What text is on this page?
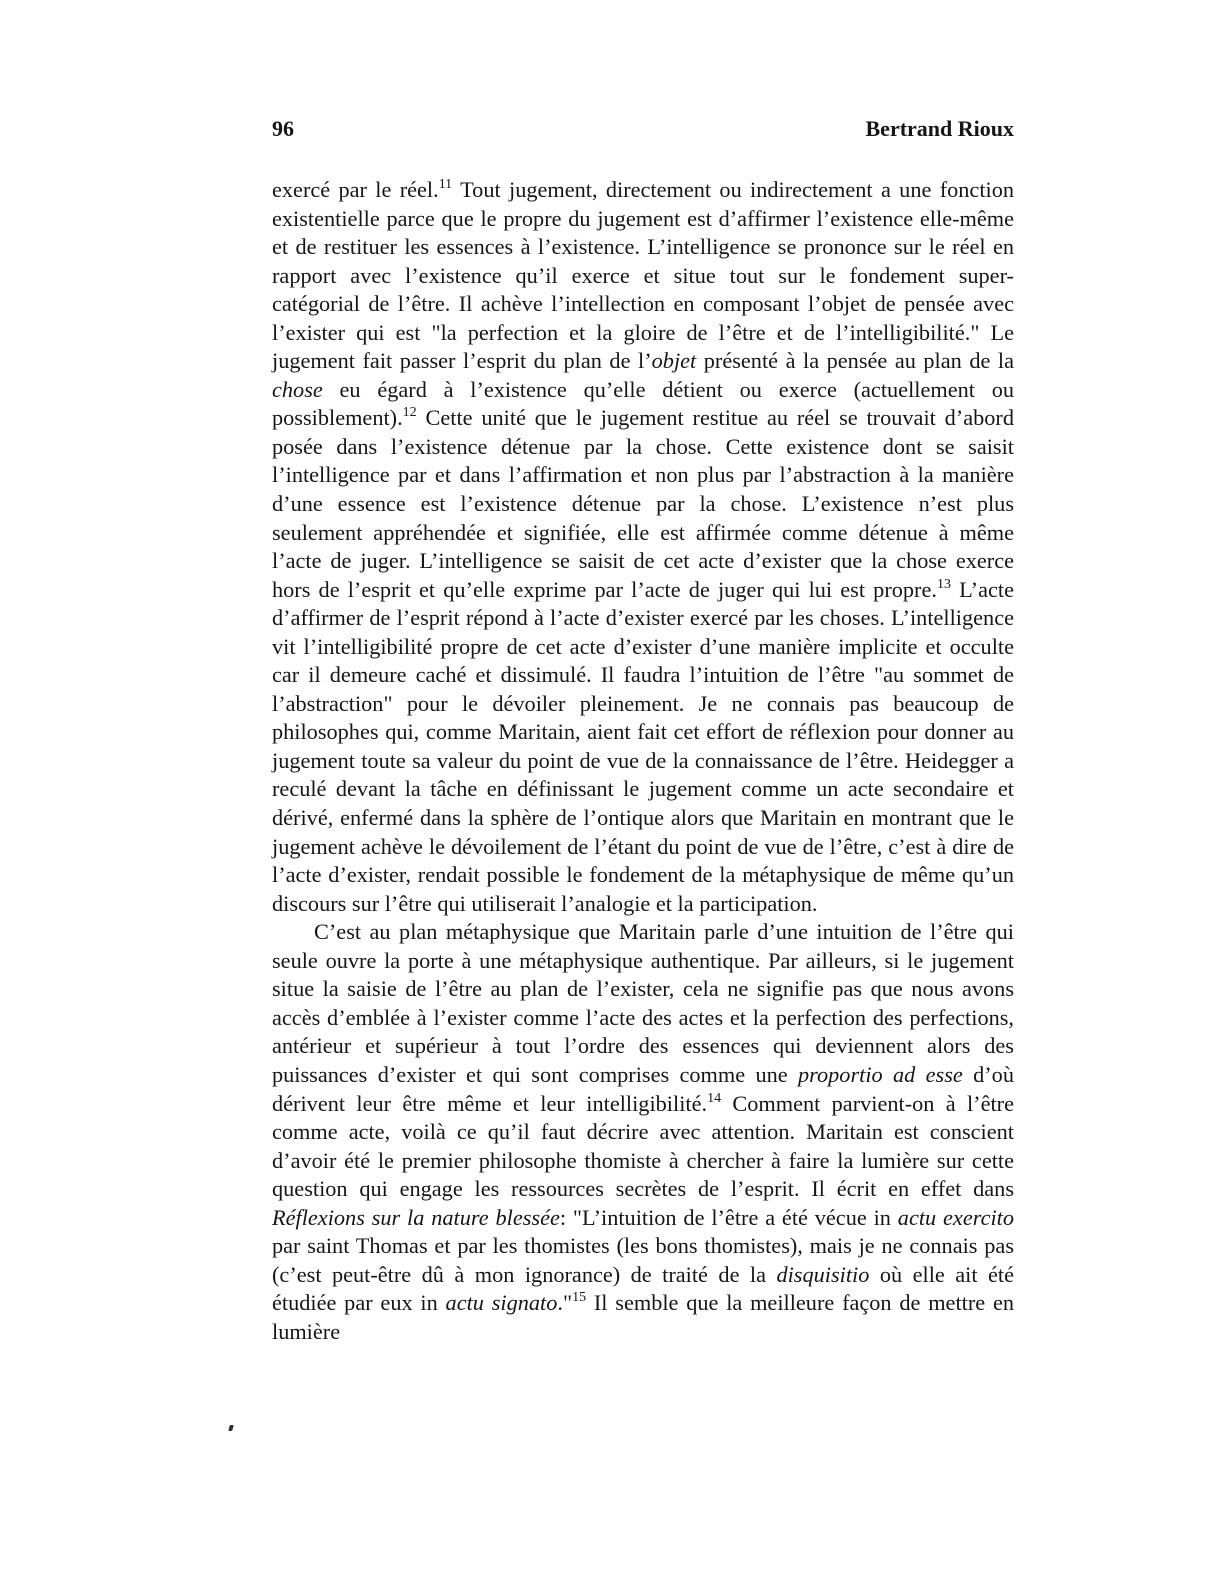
96	Bertrand Rioux

exercé par le réel.$^{11}$ Tout jugement, directement ou indirectement a une fonction existentielle parce que le propre du jugement est d’affirmer l’existence elle-même et de restituer les essences à l’existence. L’intelligence se prononce sur le réel en rapport avec l’existence qu’il exerce et situe tout sur le fondement super- catégorial de l’être. Il achève l’intellection en composant l’objet de pensée avec l’exister qui est "la perfection et la gloire de l’être et de l’intelligibilité." Le jugement fait passer l’esprit du plan de l’objet présenté à la pensée au plan de la chose eu égard à l’existence qu’elle détient ou exerce (actuellement ou possiblement).$^{12}$ Cette unité que le jugement restitue au réel se trouvait d’abord posée dans l’existence détenue par la chose. Cette existence dont se saisit l’intelligence par et dans l’affirmation et non plus par l’abstraction à la manière d’une essence est l’existence détenue par la chose. L’existence n’est plus seulement appréhendée et signifiée, elle est affirmée comme détenue à même l’acte de juger. L’intelligence se saisit de cet acte d’exister que la chose exerce hors de l’esprit et qu’elle exprime par l’acte de juger qui lui est propre.$^{13}$ L’acte d’affirmer de l’esprit répond à l’acte d’exister exercé par les choses. L’intelligence vit l’intelligibilité propre de cet acte d’exister d’une manière implicite et occulte car il demeure caché et dissimulé. Il faudra l’intuition de l’être "au sommet de l’abstraction" pour le dévoiler pleinement. Je ne connais pas beaucoup de philosophes qui, comme Maritain, aient fait cet effort de réflexion pour donner au jugement toute sa valeur du point de vue de la connaissance de l’être. Heidegger a reculé devant la tâche en définissant le jugement comme un acte secondaire et dérivé, enfermé dans la sphère de l’ontique alors que Maritain en montrant que le jugement achève le dévoilement de l’étant du point de vue de l’être, c’est à dire de l’acte d’exister, rendait possible le fondement de la métaphysique de même qu’un discours sur l’être qui utiliserait l’analogie et la participation.

C’est au plan métaphysique que Maritain parle d’une intuition de l’être qui seule ouvre la porte à une métaphysique authentique. Par ailleurs, si le jugement situe la saisie de l’être au plan de l’exister, cela ne signifie pas que nous avons accès d’emblée à l’exister comme l’acte des actes et la perfection des perfections, antérieur et supérieur à tout l’ordre des essences qui deviennent alors des puissances d’exister et qui sont comprises comme une proportio ad esse d’où dérivent leur être même et leur intelligibilité.$^{14}$ Comment parvient-on à l’être comme acte, voilà ce qu’il faut décrire avec attention. Maritain est conscient d’avoir été le premier philosophe thomiste à chercher à faire la lumière sur cette question qui engage les ressources secrètes de l’esprit. Il écrit en effet dans Réflexions sur la nature blessée: "L’intuition de l’être a été vécue in actu exercito par saint Thomas et par les thomistes (les bons thomistes), mais je ne connais pas (c’est peut-être dû à mon ignorance) de traité de la disquisitio où elle ait été étudiée par eux in actu signato."$^{15}$ Il semble que la meilleure façon de mettre en lumière
